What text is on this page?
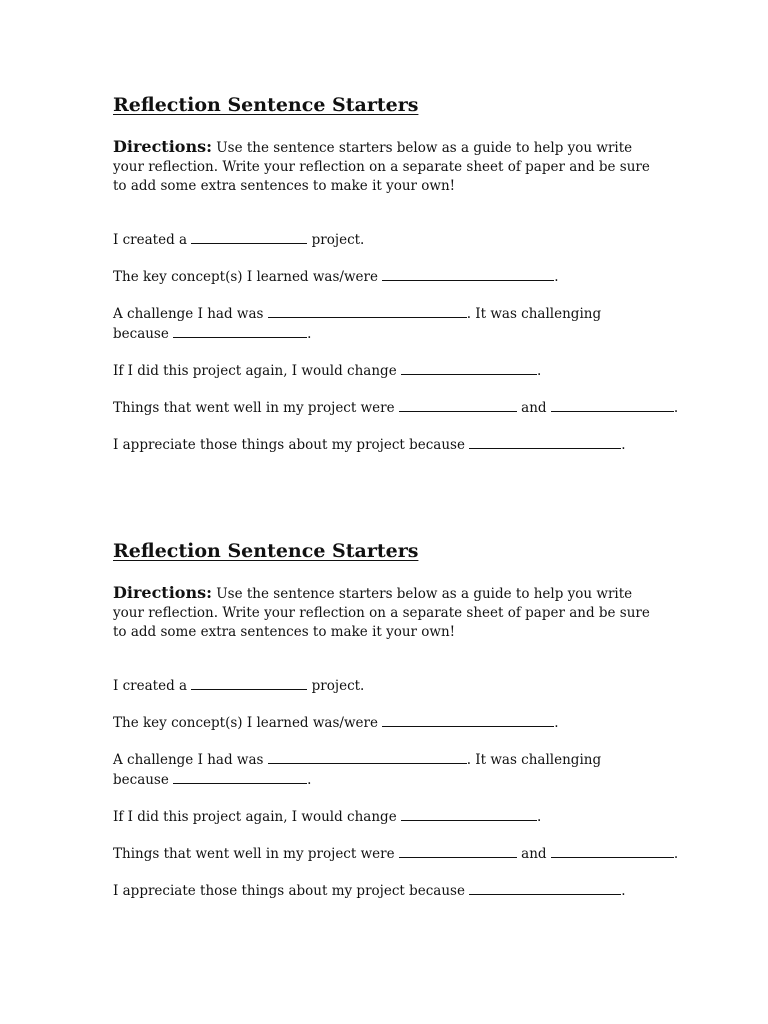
Reflection Sentence Starters
Directions: Use the sentence starters below as a guide to help you write your reflection. Write your reflection on a separate sheet of paper and be sure to add some extra sentences to make it your own!
I created a	project.
The key concept(s) I learned was/were	.
A challenge I had was	. It was challenging because	.
If I did this project again, I would change	.
Things that went well in my project were	and	.
I appreciate those things about my project because	.
Reflection Sentence Starters
Directions: Use the sentence starters below as a guide to help you write your reflection. Write your reflection on a separate sheet of paper and be sure to add some extra sentences to make it your own!
I created a	project.
The key concept(s) I learned was/were	.
A challenge I had was	. It was challenging because	.
If I did this project again, I would change	.
Things that went well in my project were	and	.
I appreciate those things about my project because	.
